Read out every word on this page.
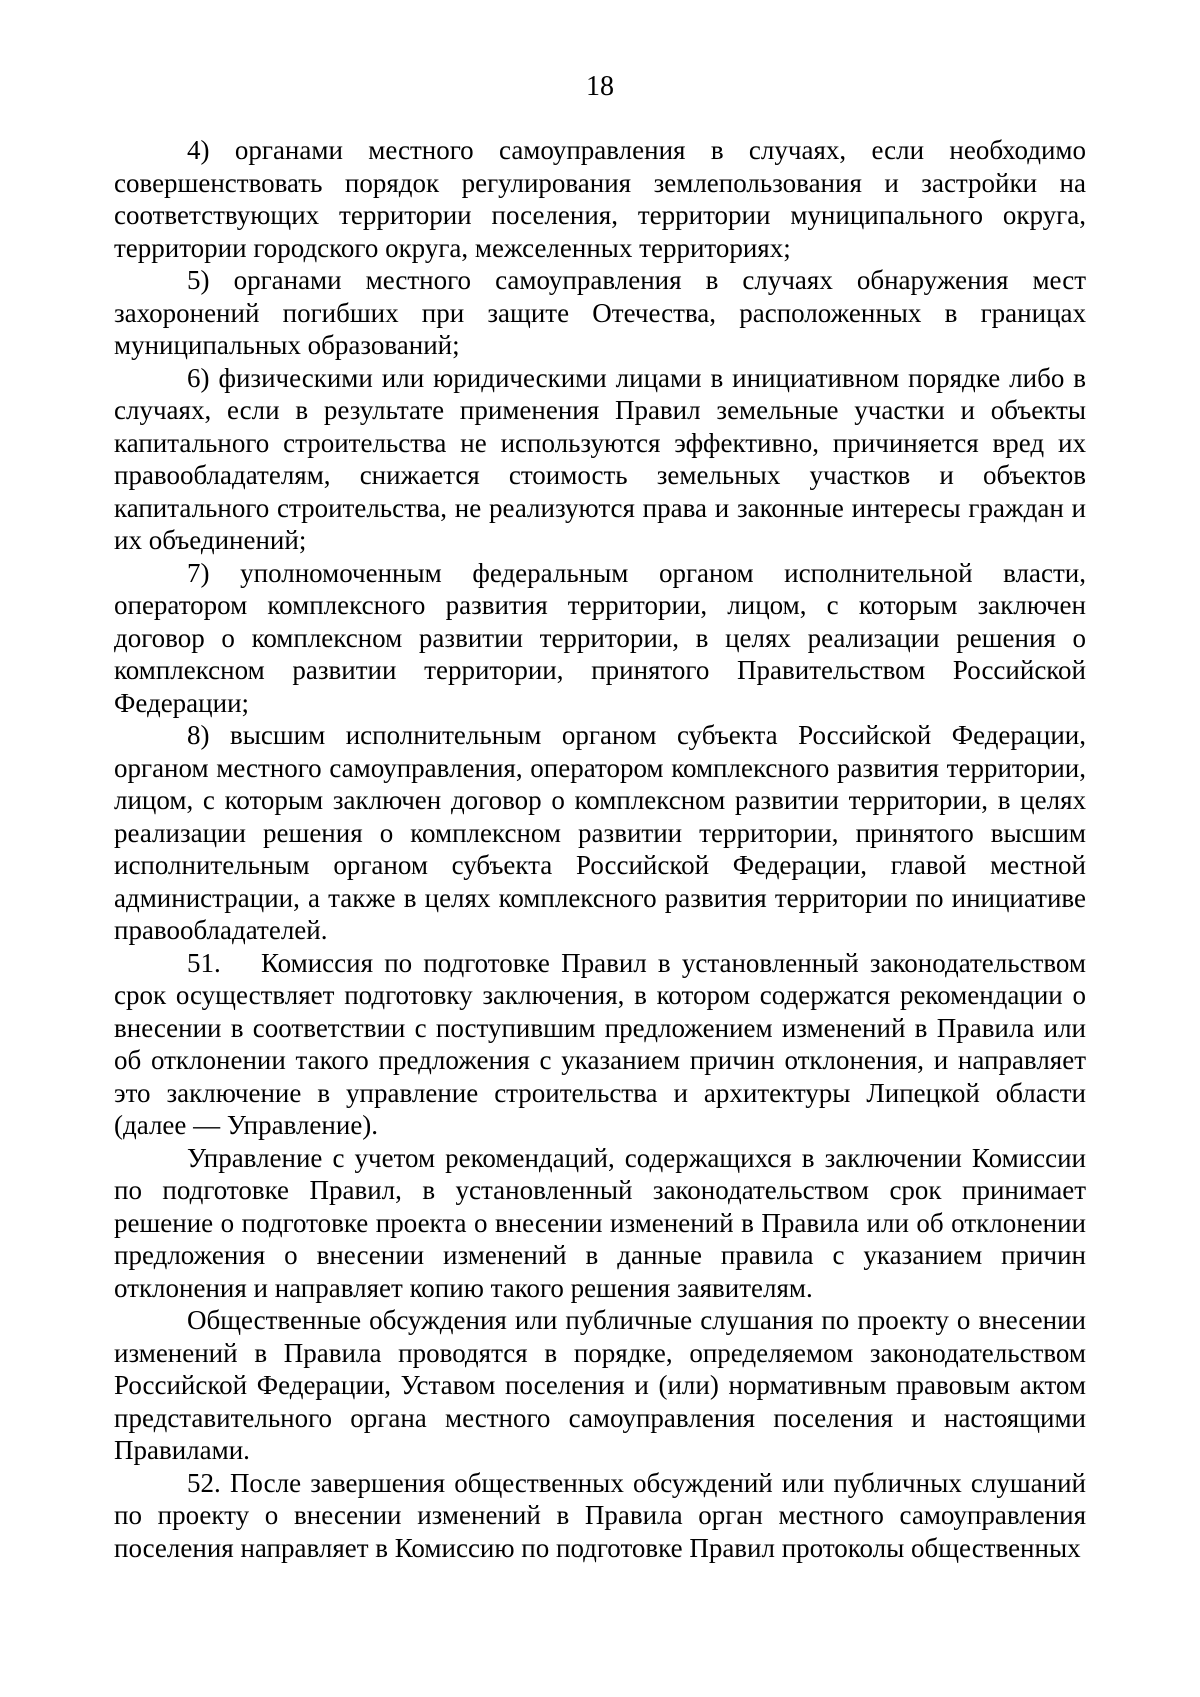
18

4) органами местного самоуправления в случаях, если необходимо совершенствовать порядок регулирования землепользования и застройки на соответствующих территории поселения, территории муниципального округа, территории городского округа, межселенных территориях;

5) органами местного самоуправления в случаях обнаружения мест захоронений погибших при защите Отечества, расположенных в границах муниципальных образований;

6) физическими или юридическими лицами в инициативном порядке либо в случаях, если в результате применения Правил земельные участки и объекты капитального строительства не используются эффективно, причиняется вред их правообладателям, снижается стоимость земельных участков и объектов капитального строительства, не реализуются права и законные интересы граждан и их объединений;

7) уполномоченным федеральным органом исполнительной власти, оператором комплексного развития территории, лицом, с которым заключен договор о комплексном развитии территории, в целях реализации решения о комплексном развитии территории, принятого Правительством Российской Федерации;

8) высшим исполнительным органом субъекта Российской Федерации, органом местного самоуправления, оператором комплексного развития территории, лицом, с которым заключен договор о комплексном развитии территории, в целях реализации решения о комплексном развитии территории, принятого высшим исполнительным органом субъекта Российской Федерации, главой местной администрации, а также в целях комплексного развития территории по инициативе правообладателей.

51. Комиссия по подготовке Правил в установленный законодательством срок осуществляет подготовку заключения, в котором содержатся рекомендации о внесении в соответствии с поступившим предложением изменений в Правила или об отклонении такого предложения с указанием причин отклонения, и направляет это заключение в управление строительства и архитектуры Липецкой области (далее — Управление).

Управление с учетом рекомендаций, содержащихся в заключении Комиссии по подготовке Правил, в установленный законодательством срок принимает решение о подготовке проекта о внесении изменений в Правила или об отклонении предложения о внесении изменений в данные правила с указанием причин отклонения и направляет копию такого решения заявителям.

Общественные обсуждения или публичные слушания по проекту о внесении изменений в Правила проводятся в порядке, определяемом законодательством Российской Федерации, Уставом поселения и (или) нормативным правовым актом представительного органа местного самоуправления поселения и настоящими Правилами.

52. После завершения общественных обсуждений или публичных слушаний по проекту о внесении изменений в Правила орган местного самоуправления поселения направляет в Комиссию по подготовке Правил протоколы общественных
